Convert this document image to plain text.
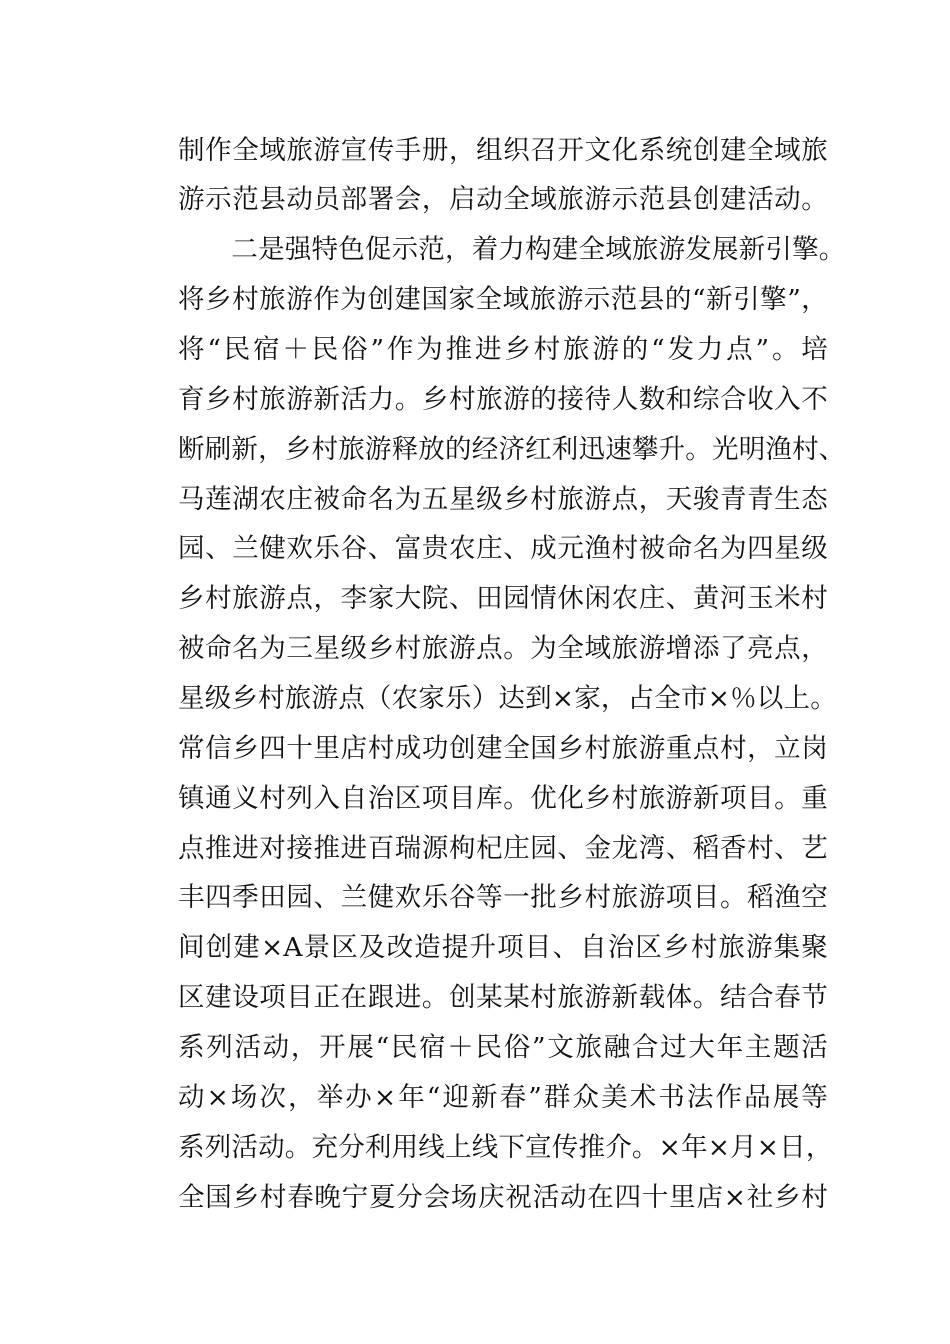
制作全域旅游宣传手册，组织召开文化系统创建全域旅
游示范县动员部署会，启动全域旅游示范县创建活动。
　　二是强特色促示范，着力构建全域旅游发展新引擎。
将乡村旅游作为创建国家全域旅游示范县的“新引擎”，
将“民宿＋民俗”作为推进乡村旅游的“发力点”。培
育乡村旅游新活力。乡村旅游的接待人数和综合收入不
断刷新，乡村旅游释放的经济红利迅速攀升。光明渔村、
马莲湖农庄被命名为五星级乡村旅游点，天骏青青生态
园、兰健欢乐谷、富贵农庄、成元渔村被命名为四星级
乡村旅游点，李家大院、田园情休闲农庄、黄河玉米村
被命名为三星级乡村旅游点。为全域旅游增添了亮点，
星级乡村旅游点（农家乐）达到×家，占全市×％以上。
常信乡四十里店村成功创建全国乡村旅游重点村，立岗
镇通义村列入自治区项目库。优化乡村旅游新项目。重
点推进对接推进百瑞源枸杞庄园、金龙湾、稻香村、艺
丰四季田园、兰健欢乐谷等一批乡村旅游项目。稻渔空
间创建×A景区及改造提升项目、自治区乡村旅游集聚
区建设项目正在跟进。创某某村旅游新载体。结合春节
系列活动，开展“民宿＋民俗”文旅融合过大年主题活
动×场次，举办×年“迎新春”群众美术书法作品展等
系列活动。充分利用线上线下宣传推介。×年×月×日，
全国乡村春晚宁夏分会场庆祝活动在四十里店×社乡村
